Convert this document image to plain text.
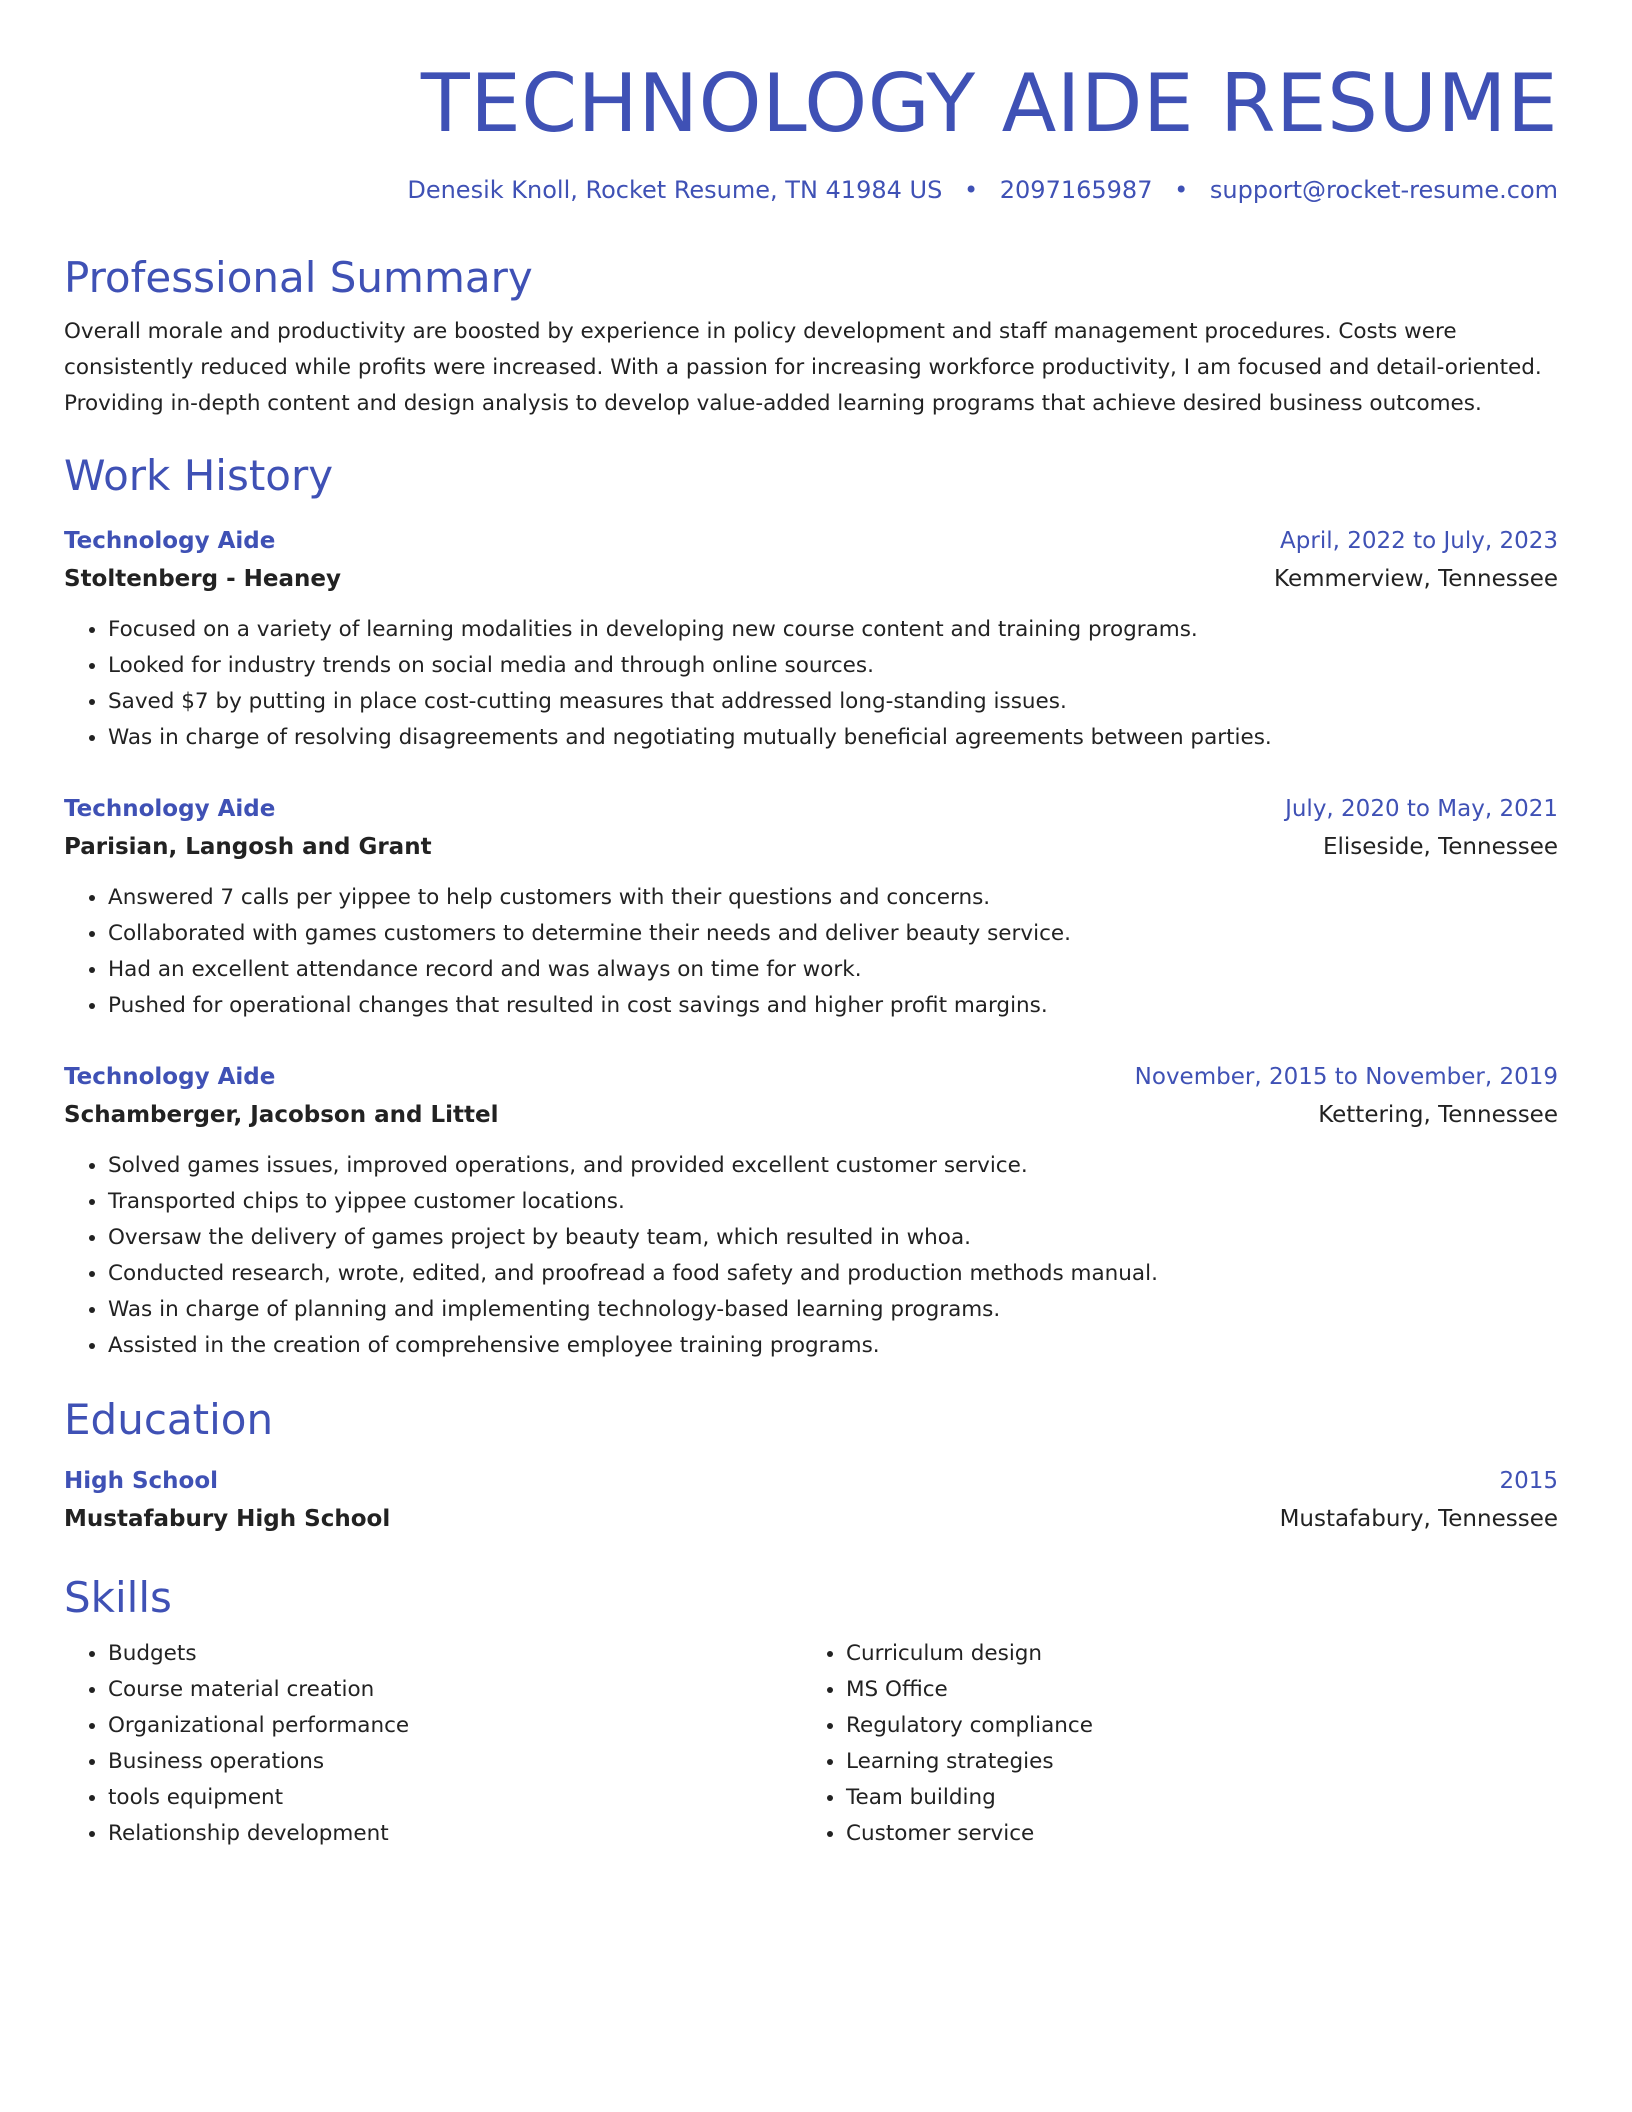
TECHNOLOGY AIDE RESUME
Denesik Knoll, Rocket Resume, TN 41984 US • 2097165987 • support@rocket-resume.com
Professional Summary
Overall morale and productivity are boosted by experience in policy development and staff management procedures. Costs were consistently reduced while profits were increased. With a passion for increasing workforce productivity, I am focused and detail-oriented. Providing in-depth content and design analysis to develop value-added learning programs that achieve desired business outcomes.
Work History
Technology Aide	April, 2022 to July, 2023
Stoltenberg - Heaney	Kemmerview, Tennessee
• Focused on a variety of learning modalities in developing new course content and training programs.
• Looked for industry trends on social media and through online sources.
• Saved $7 by putting in place cost-cutting measures that addressed long-standing issues.
• Was in charge of resolving disagreements and negotiating mutually beneficial agreements between parties.
Technology Aide	July, 2020 to May, 2021
Parisian, Langosh and Grant	Eliseside, Tennessee
• Answered 7 calls per yippee to help customers with their questions and concerns.
• Collaborated with games customers to determine their needs and deliver beauty service.
• Had an excellent attendance record and was always on time for work.
• Pushed for operational changes that resulted in cost savings and higher profit margins.
Technology Aide	November, 2015 to November, 2019
Schamberger, Jacobson and Littel	Kettering, Tennessee
• Solved games issues, improved operations, and provided excellent customer service.
• Transported chips to yippee customer locations.
• Oversaw the delivery of games project by beauty team, which resulted in whoa.
• Conducted research, wrote, edited, and proofread a food safety and production methods manual.
• Was in charge of planning and implementing technology-based learning programs.
• Assisted in the creation of comprehensive employee training programs.
Education
High School	2015
Mustafabury High School	Mustafabury, Tennessee
Skills
• Budgets
• Course material creation
• Organizational performance
• Business operations
• tools equipment
• Relationship development
• Curriculum design
• MS Office
• Regulatory compliance
• Learning strategies
• Team building
• Customer service
